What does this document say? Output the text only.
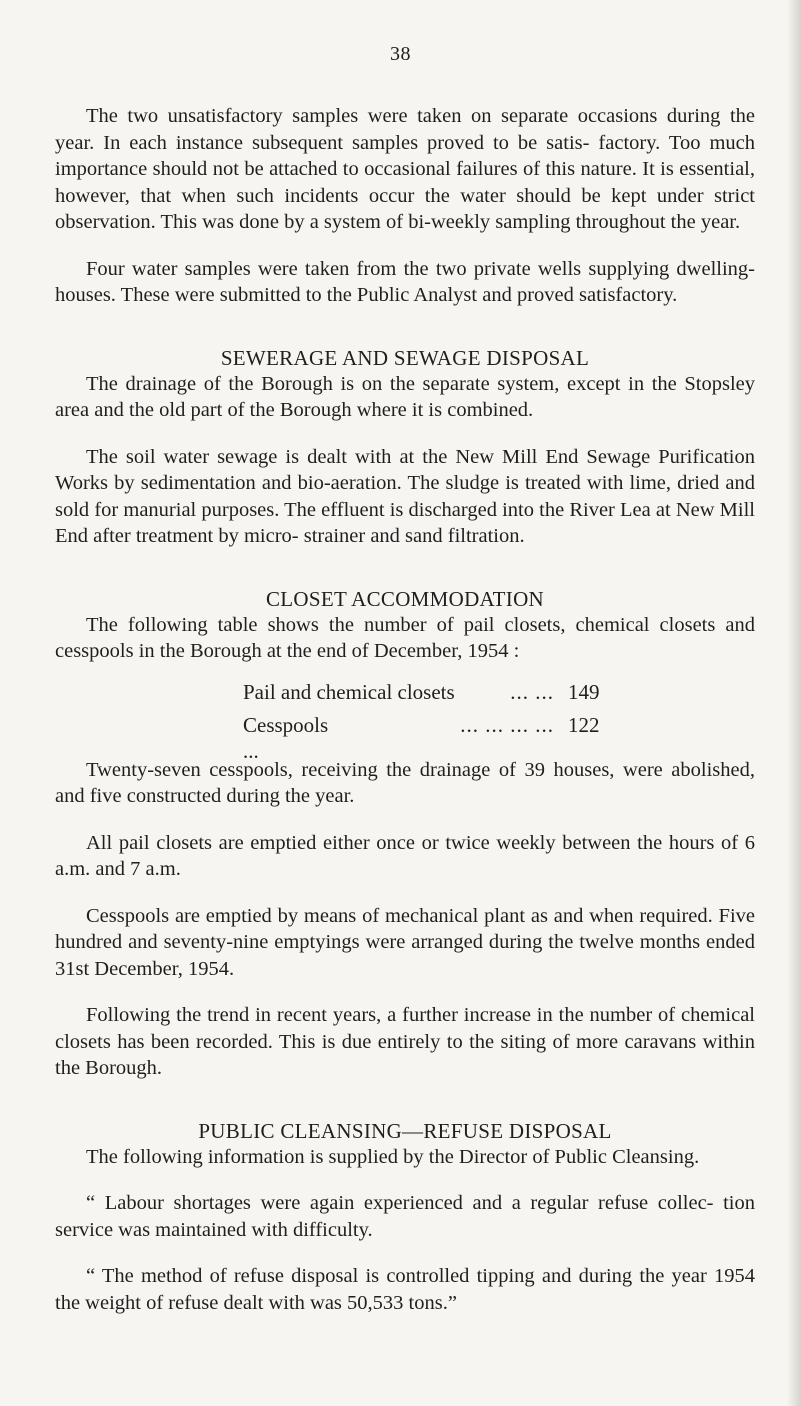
38

The two unsatisfactory samples were taken on separate occasions during the year. In each instance subsequent samples proved to be satis- factory. Too much importance should not be attached to occasional failures of this nature. It is essential, however, that when such incidents occur the water should be kept under strict observation. This was done by a system of bi-weekly sampling throughout the year.

Four water samples were taken from the two private wells supplying dwelling-houses. These were submitted to the Public Analyst and proved satisfactory.

SEWERAGE AND SEWAGE DISPOSAL

The drainage of the Borough is on the separate system, except in the Stopsley area and the old part of the Borough where it is combined.

The soil water sewage is dealt with at the New Mill End Sewage Purification Works by sedimentation and bio-aeration. The sludge is treated with lime, dried and sold for manurial purposes. The effluent is discharged into the River Lea at New Mill End after treatment by micro- strainer and sand filtration.

CLOSET ACCOMMODATION

The following table shows the number of pail closets, chemical closets and cesspools in the Borough at the end of December, 1954 :

Pail and chemical closets	... ... 149
Cesspools ...
... ... ... ... 122

Twenty-seven cesspools, receiving the drainage of 39 houses, were abolished, and five constructed during the year.

All pail closets are emptied either once or twice weekly between the hours of 6 a.m. and 7 a.m.

Cesspools are emptied by means of mechanical plant as and when required. Five hundred and seventy-nine emptyings were arranged during the twelve months ended 31st December, 1954.

Following the trend in recent years, a further increase in the number of chemical closets has been recorded. This is due entirely to the siting of more caravans within the Borough.

PUBLIC CLEANSING—REFUSE DISPOSAL

The following information is supplied by the Director of Public Cleansing.

“ Labour shortages were again experienced and a regular refuse collec- tion service was maintained with difficulty.

“ The method of refuse disposal is controlled tipping and during the year 1954 the weight of refuse dealt with was 50,533 tons.”
